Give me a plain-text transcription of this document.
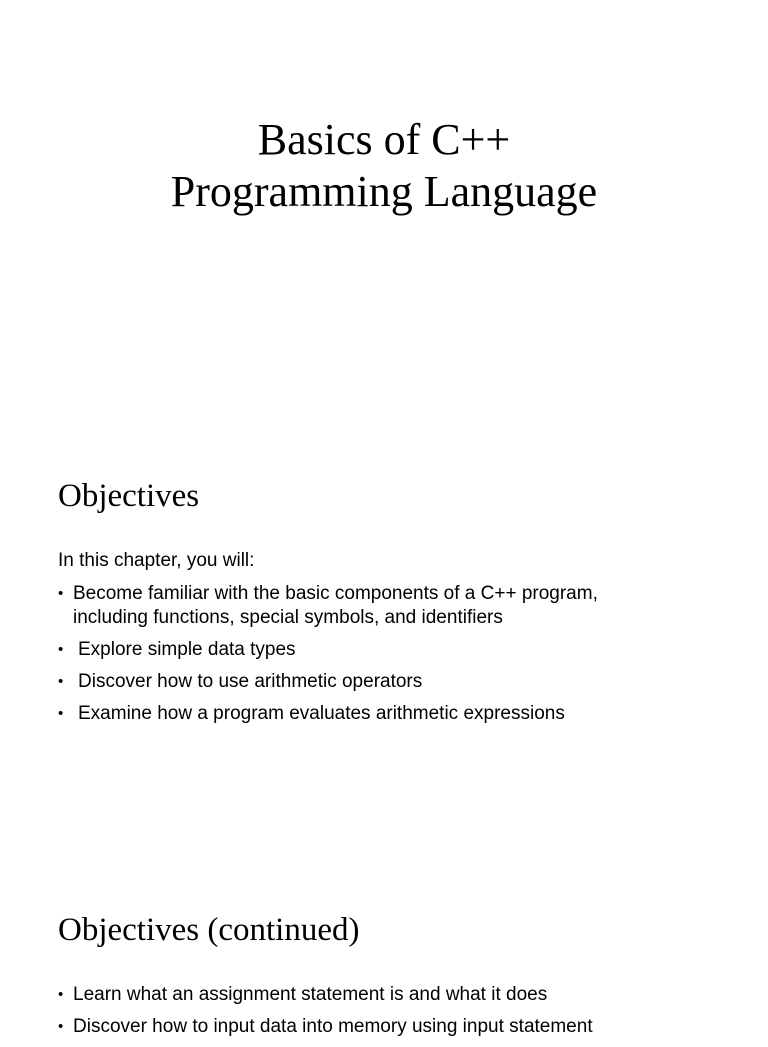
Basics of C++
Programming Language
Objectives
In this chapter, you will:
• Become familiar with the basic components of a C++ program,
including functions, special symbols, and identifiers
• Explore simple data types
• Discover how to use arithmetic operators
• Examine how a program evaluates arithmetic expressions
Objectives (continued)
• Learn what an assignment statement is and what it does
• Discover how to input data into memory using input statement
